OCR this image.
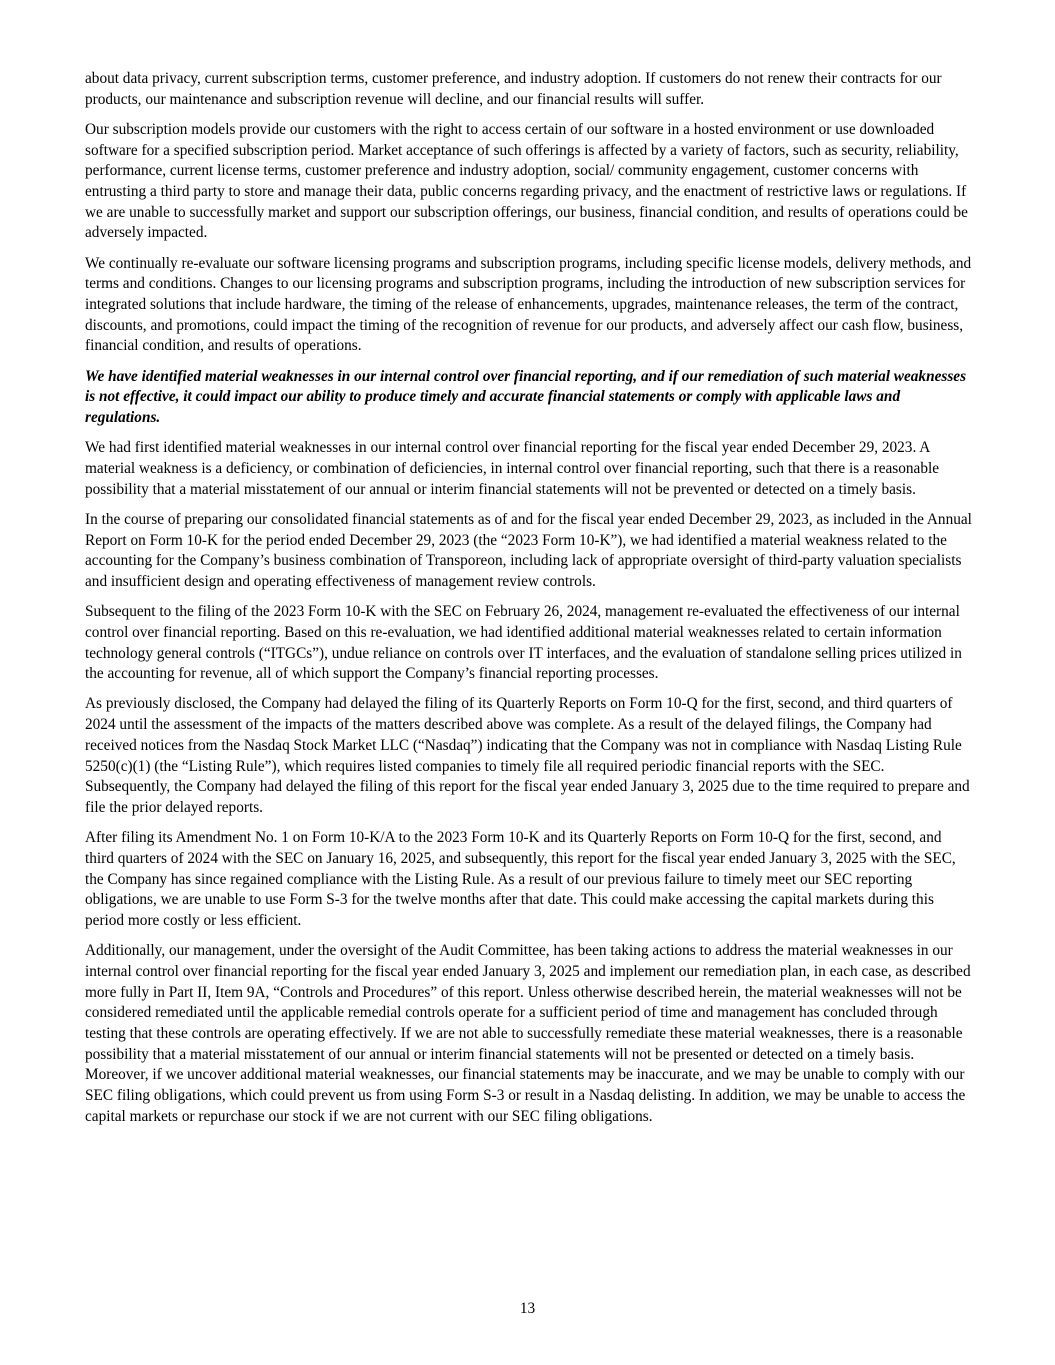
about data privacy, current subscription terms, customer preference, and industry adoption. If customers do not renew their contracts for our products, our maintenance and subscription revenue will decline, and our financial results will suffer.

Our subscription models provide our customers with the right to access certain of our software in a hosted environment or use downloaded software for a specified subscription period. Market acceptance of such offerings is affected by a variety of factors, such as security, reliability, performance, current license terms, customer preference and industry adoption, social/ community engagement, customer concerns with entrusting a third party to store and manage their data, public concerns regarding privacy, and the enactment of restrictive laws or regulations. If we are unable to successfully market and support our subscription offerings, our business, financial condition, and results of operations could be adversely impacted.

We continually re-evaluate our software licensing programs and subscription programs, including specific license models, delivery methods, and terms and conditions. Changes to our licensing programs and subscription programs, including the introduction of new subscription services for integrated solutions that include hardware, the timing of the release of enhancements, upgrades, maintenance releases, the term of the contract, discounts, and promotions, could impact the timing of the recognition of revenue for our products, and adversely affect our cash flow, business, financial condition, and results of operations.

We have identified material weaknesses in our internal control over financial reporting, and if our remediation of such material weaknesses is not effective, it could impact our ability to produce timely and accurate financial statements or comply with applicable laws and regulations.

We had first identified material weaknesses in our internal control over financial reporting for the fiscal year ended December 29, 2023. A material weakness is a deficiency, or combination of deficiencies, in internal control over financial reporting, such that there is a reasonable possibility that a material misstatement of our annual or interim financial statements will not be prevented or detected on a timely basis.

In the course of preparing our consolidated financial statements as of and for the fiscal year ended December 29, 2023, as included in the Annual Report on Form 10-K for the period ended December 29, 2023 (the “2023 Form 10-K”), we had identified a material weakness related to the accounting for the Company’s business combination of Transporeon, including lack of appropriate oversight of third-party valuation specialists and insufficient design and operating effectiveness of management review controls.

Subsequent to the filing of the 2023 Form 10-K with the SEC on February 26, 2024, management re-evaluated the effectiveness of our internal control over financial reporting. Based on this re-evaluation, we had identified additional material weaknesses related to certain information technology general controls (“ITGCs”), undue reliance on controls over IT interfaces, and the evaluation of standalone selling prices utilized in the accounting for revenue, all of which support the Company’s financial reporting processes.

As previously disclosed, the Company had delayed the filing of its Quarterly Reports on Form 10-Q for the first, second, and third quarters of 2024 until the assessment of the impacts of the matters described above was complete. As a result of the delayed filings, the Company had received notices from the Nasdaq Stock Market LLC (“Nasdaq”) indicating that the Company was not in compliance with Nasdaq Listing Rule 5250(c)(1) (the “Listing Rule”), which requires listed companies to timely file all required periodic financial reports with the SEC. Subsequently, the Company had delayed the filing of this report for the fiscal year ended January 3, 2025 due to the time required to prepare and file the prior delayed reports.

After filing its Amendment No. 1 on Form 10-K/A to the 2023 Form 10-K and its Quarterly Reports on Form 10-Q for the first, second, and third quarters of 2024 with the SEC on January 16, 2025, and subsequently, this report for the fiscal year ended January 3, 2025 with the SEC, the Company has since regained compliance with the Listing Rule. As a result of our previous failure to timely meet our SEC reporting obligations, we are unable to use Form S-3 for the twelve months after that date. This could make accessing the capital markets during this period more costly or less efficient.

Additionally, our management, under the oversight of the Audit Committee, has been taking actions to address the material weaknesses in our internal control over financial reporting for the fiscal year ended January 3, 2025 and implement our remediation plan, in each case, as described more fully in Part II, Item 9A, “Controls and Procedures” of this report. Unless otherwise described herein, the material weaknesses will not be considered remediated until the applicable remedial controls operate for a sufficient period of time and management has concluded through testing that these controls are operating effectively. If we are not able to successfully remediate these material weaknesses, there is a reasonable possibility that a material misstatement of our annual or interim financial statements will not be presented or detected on a timely basis. Moreover, if we uncover additional material weaknesses, our financial statements may be inaccurate, and we may be unable to comply with our SEC filing obligations, which could prevent us from using Form S-3 or result in a Nasdaq delisting. In addition, we may be unable to access the capital markets or repurchase our stock if we are not current with our SEC filing obligations.

13
